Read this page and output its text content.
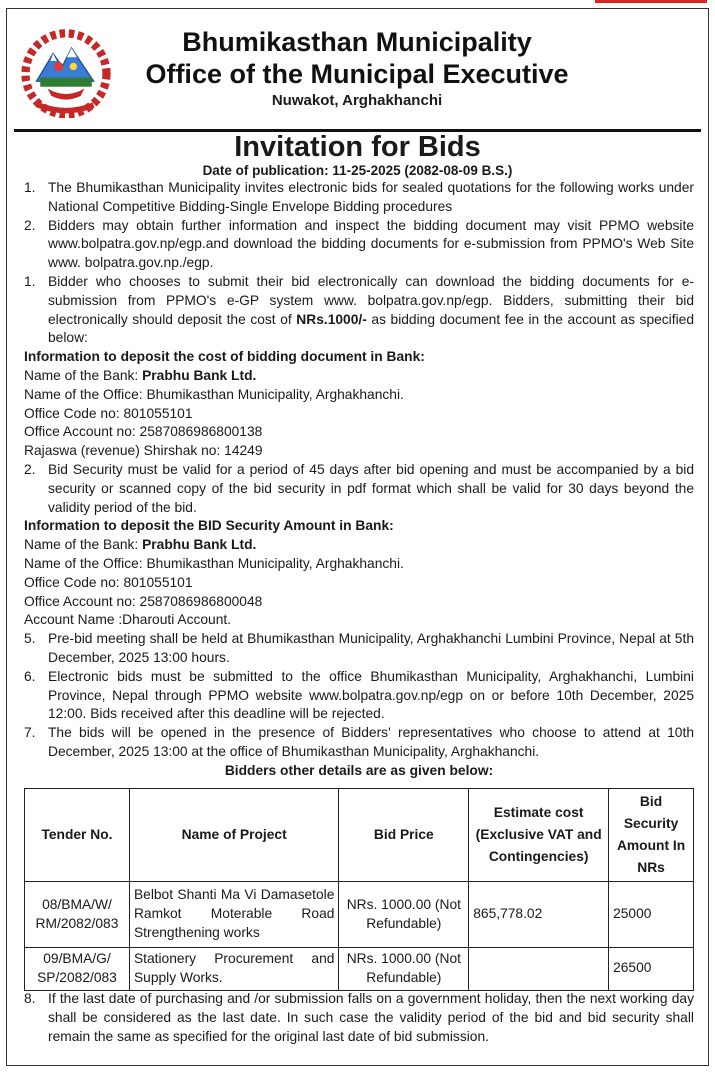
Bhumikasthan Municipality
Office of the Municipal Executive
Nuwakot, Arghakhanchi
Invitation for Bids
Date of publication: 11-25-2025 (2082-08-09 B.S.)
1. The Bhumikasthan Municipality invites electronic bids for sealed quotations for the following works under National Competitive Bidding-Single Envelope Bidding procedures
2. Bidders may obtain further information and inspect the bidding document may visit PPMO website www.bolpatra.gov.np/egp.and download the bidding documents for e-submission from PPMO's Web Site www. bolpatra.gov.np./egp.
1. Bidder who chooses to submit their bid electronically can download the bidding documents for e-submission from PPMO's e-GP system www. bolpatra.gov.np/egp. Bidders, submitting their bid electronically should deposit the cost of NRs.1000/- as bidding document fee in the account as specified below:
Information to deposit the cost of bidding document in Bank:
Name of the Bank: Prabhu Bank Ltd.
Name of the Office: Bhumikasthan Municipality, Arghakhanchi.
Office Code no: 801055101
Office Account no: 2587086986800138
Rajaswa (revenue) Shirshak no: 14249
2. Bid Security must be valid for a period of 45 days after bid opening and must be accompanied by a bid security or scanned copy of the bid security in pdf format which shall be valid for 30 days beyond the validity period of the bid.
Information to deposit the BID Security Amount in Bank:
Name of the Bank: Prabhu Bank Ltd.
Name of the Office: Bhumikasthan Municipality, Arghakhanchi.
Office Code no: 801055101
Office Account no: 2587086986800048
Account Name :Dharouti Account.
5. Pre-bid meeting shall be held at Bhumikasthan Municipality, Arghakhanchi Lumbini Province, Nepal at 5th December, 2025 13:00 hours.
6. Electronic bids must be submitted to the office Bhumikasthan Municipality, Arghakhanchi, Lumbini Province, Nepal through PPMO website www.bolpatra.gov.np/egp on or before 10th December, 2025 12:00. Bids received after this deadline will be rejected.
7. The bids will be opened in the presence of Bidders' representatives who choose to attend at 10th December, 2025 13:00 at the office of Bhumikasthan Municipality, Arghakhanchi.
Bidders other details are as given below:
Tender No.	Name of Project	Bid Price	Estimate cost (Exclusive VAT and Contingencies)	Bid Security Amount In NRs
08/BMA/W/ RM/2082/083	Belbot Shanti Ma Vi Damasetole Ramkot Moterable Road Strengthening works	NRs. 1000.00 (Not Refundable)	865,778.02	25000
09/BMA/G/ SP/2082/083	Stationery Procurement and Supply Works.	NRs. 1000.00 (Not Refundable)		26500
8. If the last date of purchasing and /or submission falls on a government holiday, then the next working day shall be considered as the last date. In such case the validity period of the bid and bid security shall remain the same as specified for the original last date of bid submission.
